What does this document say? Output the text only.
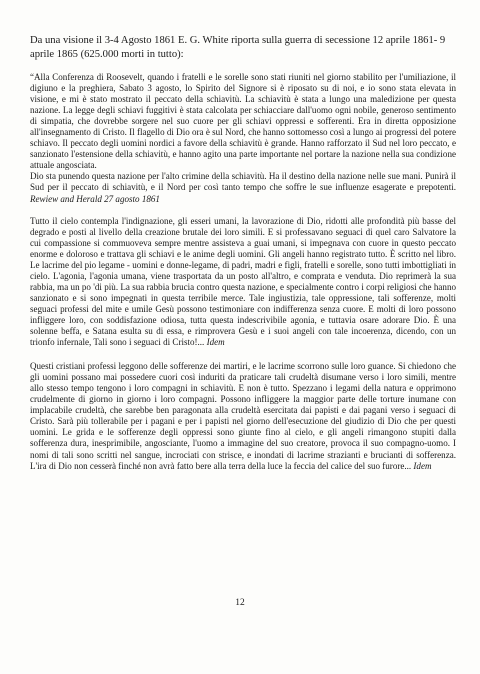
Da una visione il 3-4 Agosto 1861 E. G. White riporta sulla guerra di secessione 12 aprile 1861- 9 aprile 1865 (625.000 morti in tutto):

“Alla Conferenza di Roosevelt, quando i fratelli e le sorelle sono stati riuniti nel giorno stabilito per l'umiliazione, il digiuno e la preghiera, Sabato 3 agosto, lo Spirito del Signore si è riposato su di noi, e io sono stata elevata in visione, e mi è stato mostrato il peccato della schiavitù. La schiavitù è stata a lungo una maledizione per questa nazione. La legge degli schiavi fuggitivi è stata calcolata per schiacciare dall'uomo ogni nobile, generoso sentimento di simpatia, che dovrebbe sorgere nel suo cuore per gli schiavi oppressi e sofferenti. Era in diretta opposizione all'insegnamento di Cristo. Il flagello di Dio ora è sul Nord, che hanno sottomesso così a lungo ai progressi del potere schiavo. Il peccato degli uomini nordici a favore della schiavitù è grande. Hanno rafforzato il Sud nel loro peccato, e sanzionato l'estensione della schiavitù, e hanno agito una parte importante nel portare la nazione nella sua condizione attuale angosciata.

Dio sta punendo questa nazione per l'alto crimine della schiavitù. Ha il destino della nazione nelle sue mani. Punirà il Sud per il peccato di schiavitù, e il Nord per così tanto tempo che soffre le sue influenze esagerate e prepotenti. Rewiew and Herald 27 agosto 1861

Tutto il cielo contempla l'indignazione, gli esseri umani, la lavorazione di Dio, ridotti alle profondità più basse del degrado e posti al livello della creazione brutale dei loro simili. E si professavano seguaci di quel caro Salvatore la cui compassione si commuoveva sempre mentre assisteva a guai umani, si impegnava con cuore in questo peccato enorme e doloroso e trattava gli schiavi e le anime degli uomini. Gli angeli hanno registrato tutto. È scritto nel libro. Le lacrime del pio legame - uomini e donne-legame, di padri, madri e figli, fratelli e sorelle, sono tutti imbottigliati in cielo. L'agonia, l'agonia umana, viene trasportata da un posto all'altro, e comprata e venduta. Dio reprimerà la sua rabbia, ma un po 'di più. La sua rabbia brucia contro questa nazione, e specialmente contro i corpi religiosi che hanno sanzionato e si sono impegnati in questa terribile merce. Tale ingiustizia, tale oppressione, tali sofferenze, molti seguaci professi del mite e umile Gesù possono testimoniare con indifferenza senza cuore. E molti di loro possono infliggere loro, con soddisfazione odiosa, tutta questa indescrivibile agonia, e tuttavia osare adorare Dio. È una solenne beffa, e Satana esulta su di essa, e rimprovera Gesù e i suoi angeli con tale incoerenza, dicendo, con un trionfo infernale, Tali sono i seguaci di Cristo!... Idem

Questi cristiani professi leggono delle sofferenze dei martiri, e le lacrime scorrono sulle loro guance. Si chiedono che gli uomini possano mai possedere cuori così induriti da praticare tali crudeltà disumane verso i loro simili, mentre allo stesso tempo tengono i loro compagni in schiavitù. E non è tutto. Spezzano i legami della natura e opprimono crudelmente di giorno in giorno i loro compagni. Possono infliggere la maggior parte delle torture inumane con implacabile crudeltà, che sarebbe ben paragonata alla crudeltà esercitata dai papisti e dai pagani verso i seguaci di Cristo. Sarà più tollerabile per i pagani e per i papisti nel giorno dell'esecuzione del giudizio di Dio che per questi uomini. Le grida e le sofferenze degli oppressi sono giunte fino al cielo, e gli angeli rimangono stupiti dalla sofferenza dura, inesprimibile, angosciante, l'uomo a immagine del suo creatore, provoca il suo compagno-uomo. I nomi di tali sono scritti nel sangue, incrociati con strisce, e inondati di lacrime strazianti e brucianti di sofferenza. L'ira di Dio non cesserà finché non avrà fatto bere alla terra della luce la feccia del calice del suo furore... Idem

12
